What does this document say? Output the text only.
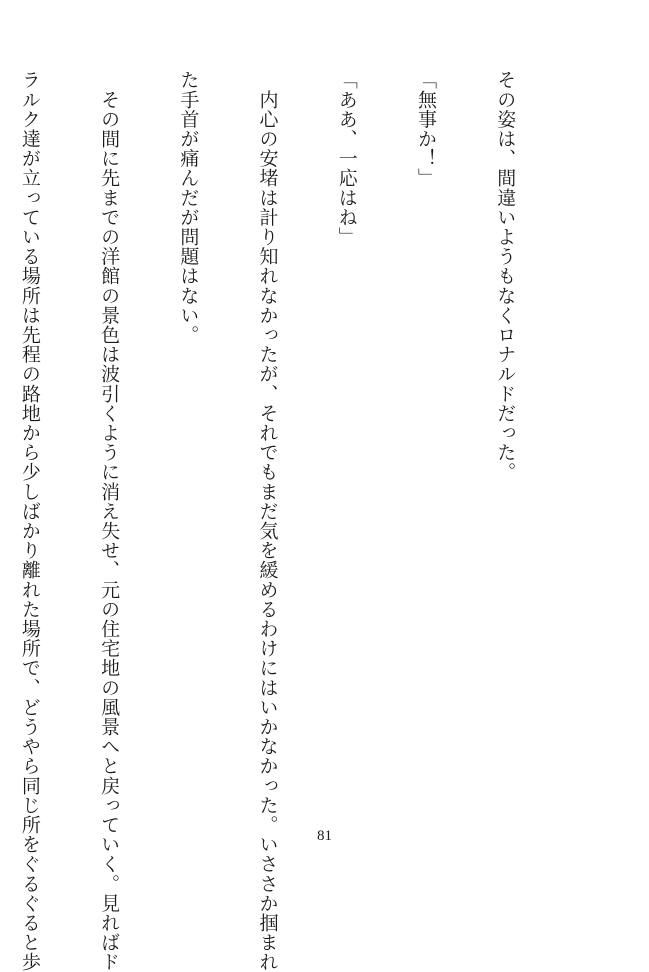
その姿は、間違いようもなくロナルドだった。

「無事か！」

「ああ、一応はね」

　内心の安堵は計り知れなかったが、それでもまだ気を緩めるわけにはいかなかった。いささか掴まれ

た手首が痛んだが問題はない。

　その間に先までの洋館の景色は波引くように消え失せ、元の住宅地の風景へと戻っていく。見ればド

ラルク達が立っている場所は先程の路地から少しばかり離れた場所で、どうやら同じ所をぐるぐると歩

	81
